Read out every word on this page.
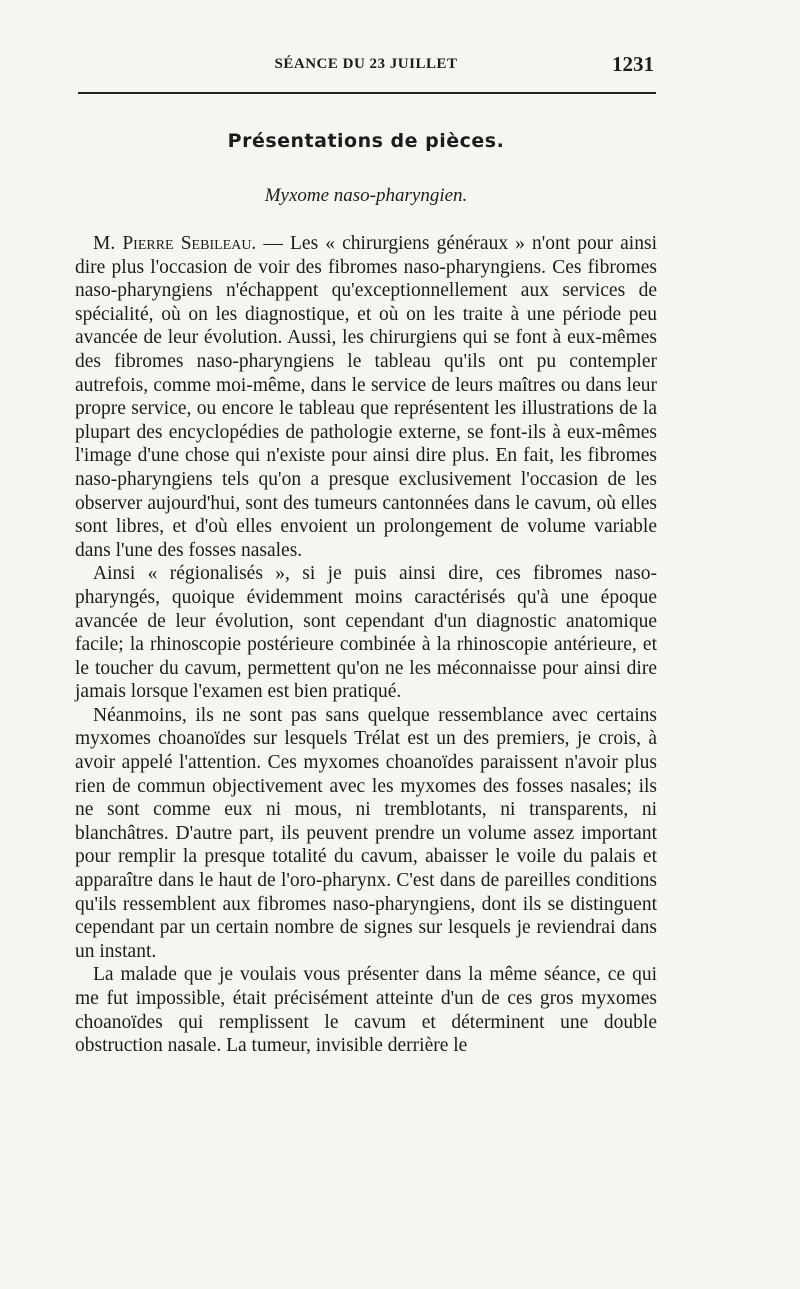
SÉANCE DU 23 JUILLET	1231
Présentations de pièces.
Myxome naso-pharyngien.

M. Pierre Sebileau. — Les « chirurgiens généraux » n'ont pour ainsi dire plus l'occasion de voir des fibromes naso-pharyngiens. Ces fibromes naso-pharyngiens n'échappent qu'exceptionnellement aux services de spécialité, où on les diagnostique, et où on les traite à une période peu avancée de leur évolution. Aussi, les chirurgiens qui se font à eux-mêmes des fibromes naso-pharyngiens le tableau qu'ils ont pu contempler autrefois, comme moi-même, dans le service de leurs maîtres ou dans leur propre service, ou encore le tableau que représentent les illustrations de la plupart des encyclopédies de pathologie externe, se font-ils à eux-mêmes l'image d'une chose qui n'existe pour ainsi dire plus. En fait, les fibromes naso-pharyngiens tels qu'on a presque exclusivement l'occasion de les observer aujourd'hui, sont des tumeurs cantonnées dans le cavum, où elles sont libres, et d'où elles envoient un prolongement de volume variable dans l'une des fosses nasales.

Ainsi « régionalisés », si je puis ainsi dire, ces fibromes naso-pharyngés, quoique évidemment moins caractérisés qu'à une époque avancée de leur évolution, sont cependant d'un diagnostic anatomique facile; la rhinoscopie postérieure combinée à la rhinoscopie antérieure, et le toucher du cavum, permettent qu'on ne les méconnaisse pour ainsi dire jamais lorsque l'examen est bien pratiqué.

Néanmoins, ils ne sont pas sans quelque ressemblance avec certains myxomes choanoïdes sur lesquels Trélat est un des premiers, je crois, à avoir appelé l'attention. Ces myxomes choanoïdes paraissent n'avoir plus rien de commun objectivement avec les myxomes des fosses nasales; ils ne sont comme eux ni mous, ni tremblotants, ni transparents, ni blanchâtres. D'autre part, ils peuvent prendre un volume assez important pour remplir la presque totalité du cavum, abaisser le voile du palais et apparaître dans le haut de l'oro-pharynx. C'est dans de pareilles conditions qu'ils ressemblent aux fibromes naso-pharyngiens, dont ils se distinguent cependant par un certain nombre de signes sur lesquels je reviendrai dans un instant.

La malade que je voulais vous présenter dans la même séance, ce qui me fut impossible, était précisément atteinte d'un de ces gros myxomes choanoïdes qui remplissent le cavum et déterminent une double obstruction nasale. La tumeur, invisible derrière le
